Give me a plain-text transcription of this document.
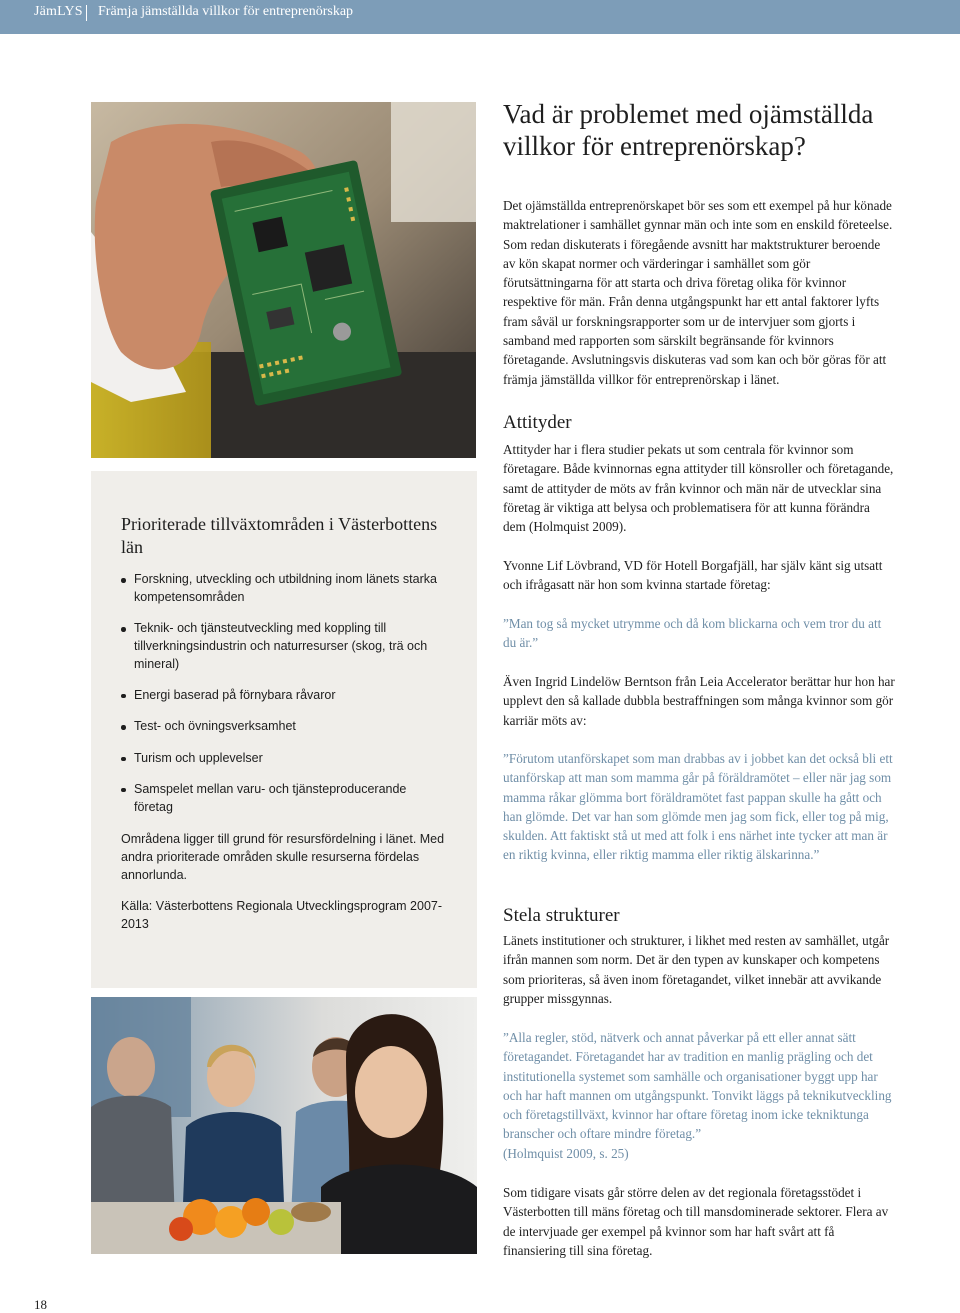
JämLYS Främja jämställda villkor för entreprenörskap
Prioriterade tillväxtområden i Västerbottens län
Forskning, utveckling och utbildning inom länets starka kompetensområden
Teknik- och tjänsteutveckling med koppling till tillverkningsindustrin och naturresurser (skog, trä och mineral)
Energi baserad på förnybara råvaror
Test- och övningsverksamhet
Turism och upplevelser
Samspelet mellan varu- och tjänsteproducerande företag

Områdena ligger till grund för resursfördelning i länet. Med andra prioriterade områden skulle resurserna fördelas annorlunda.

Källa: Västerbottens Regionala Utvecklingsprogram 2007-2013

Vad är problemet med ojämställda villkor för entreprenörskap?

Det ojämställda entreprenörskapet bör ses som ett exempel på hur könade maktrelationer i samhället gynnar män och inte som en enskild företeelse. Som redan diskuterats i föregående avsnitt har maktstrukturer beroende av kön skapat normer och värderingar i samhället som gör förutsättningarna för att starta och driva företag olika för kvinnor respektive för män. Från denna utgångspunkt har ett antal faktorer lyfts fram såväl ur forskningsrapporter som ur de intervjuer som gjorts i samband med rapporten som särskilt begränsande för kvinnors företagande. Avslutningsvis diskuteras vad som kan och bör göras för att främja jämställda villkor för entreprenörskap i länet.

Attityder

Attityder har i flera studier pekats ut som centrala för kvinnor som företagare. Både kvinnornas egna attityder till könsroller och företagande, samt de attityder de möts av från kvinnor och män när de utvecklar sina företag är viktiga att belysa och problematisera för att kunna förändra dem (Holmquist 2009).

Yvonne Lif Lövbrand, VD för Hotell Borgafjäll, har själv känt sig utsatt och ifrågasatt när hon som kvinna startade företag:

”Man tog så mycket utrymme och då kom blickarna och vem tror du att du är.”

Även Ingrid Lindelöw Berntson från Leia Accelerator berättar hur hon har upplevt den så kallade dubbla bestraffningen som många kvinnor som gör karriär möts av:

”Förutom utanförskapet som man drabbas av i jobbet kan det också bli ett utanförskap att man som mamma går på föräldramötet – eller när jag som mamma råkar glömma bort föräldramötet fast pappan skulle ha gått och han glömde. Det var han som glömde men jag som fick, eller tog på mig, skulden. Att faktiskt stå ut med att folk i ens närhet inte tycker att man är en riktig kvinna, eller riktig mamma eller riktig älskarinna.”

Stela strukturer

Länets institutioner och strukturer, i likhet med resten av samhället, utgår ifrån mannen som norm. Det är den typen av kunskaper och kompetens som prioriteras, så även inom företagandet, vilket innebär att avvikande grupper missgynnas.

”Alla regler, stöd, nätverk och annat påverkar på ett eller annat sätt företagandet. Företagandet har av tradition en manlig prägling och det institutionella systemet som samhälle och organisationer byggt upp har och har haft mannen om utgångspunkt. Tonvikt läggs på teknikutveckling och företagstillväxt, kvinnor har oftare företag inom icke tekniktunga branscher och oftare mindre företag.”

(Holmquist 2009, s. 25)

Som tidigare visats går större delen av det regionala företagsstödet i Västerbotten till mäns företag och till mansdominerade sektorer. Flera av de intervjuade ger exempel på kvinnor som har haft svårt att få finansiering till sina företag.

18
